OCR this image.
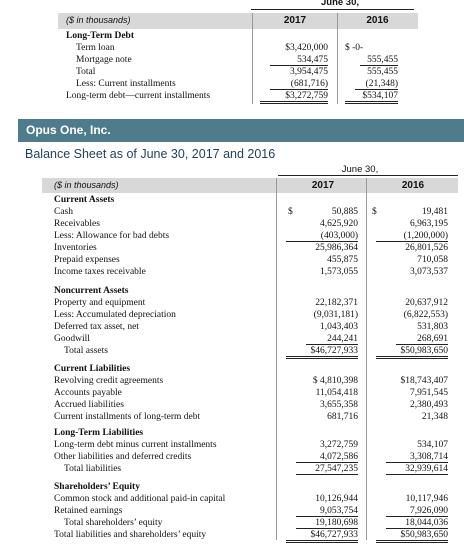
June 30,
($ in thousands)	2017	2016
Long-Term Debt
Term loan	$3,420,000 $ -0-
Mortgage note	534,475	555,455
Total	3,954,475	555,455
Less: Current installments	(681,716)	(21,348)
Long-term debt—current installments	$3,272,759	$534,107
Opus One, Inc.
Balance Sheet as of June 30, 2017 and 2016
June 30,
($ in thousands)	2017	2016
Current Assets
Cash	$	50,885 $	19,481
Receivables	4,625,920	6,963,195
Less: Allowance for bad debts	(403,000)	(1,200,000)
Inventories	25,986,364	26,801,526
Prepaid expenses	455,875	710,058
Income taxes receivable	1,573,055	3,073,537
Noncurrent Assets
Property and equipment	22,182,371	20,637,912
Less: Accumulated depreciation	(9,031,181)	(6,822,553)
Deferred tax asset, net	1,043,403	531,803
Goodwill	244,241	268,691
Total assets	$46,727,933	$50,983,650
Current Liabilities
Revolving credit agreements	$ 4,810,398	$18,743,407
Accounts payable	11,054,418	7,951,545
Accrued liabilities	3,655,358	2,380,493
Current installments of long-term debt	681,716	21,348
Long-Term Liabilities
Long-term debt minus current installments	3,272,759	534,107
Other liabilities and deferred credits	4,072,586	3,308,714
Total liabilities	27,547,235	32,939,614
Shareholders’ Equity
Common stock and additional paid-in capital	10,126,944	10,117,946
Retained earnings	9,053,754	7,926,090
Total shareholders’ equity	19,180,698	18,044,036
Total liabilities and shareholders’ equity	$46,727,933	$50,983,650
